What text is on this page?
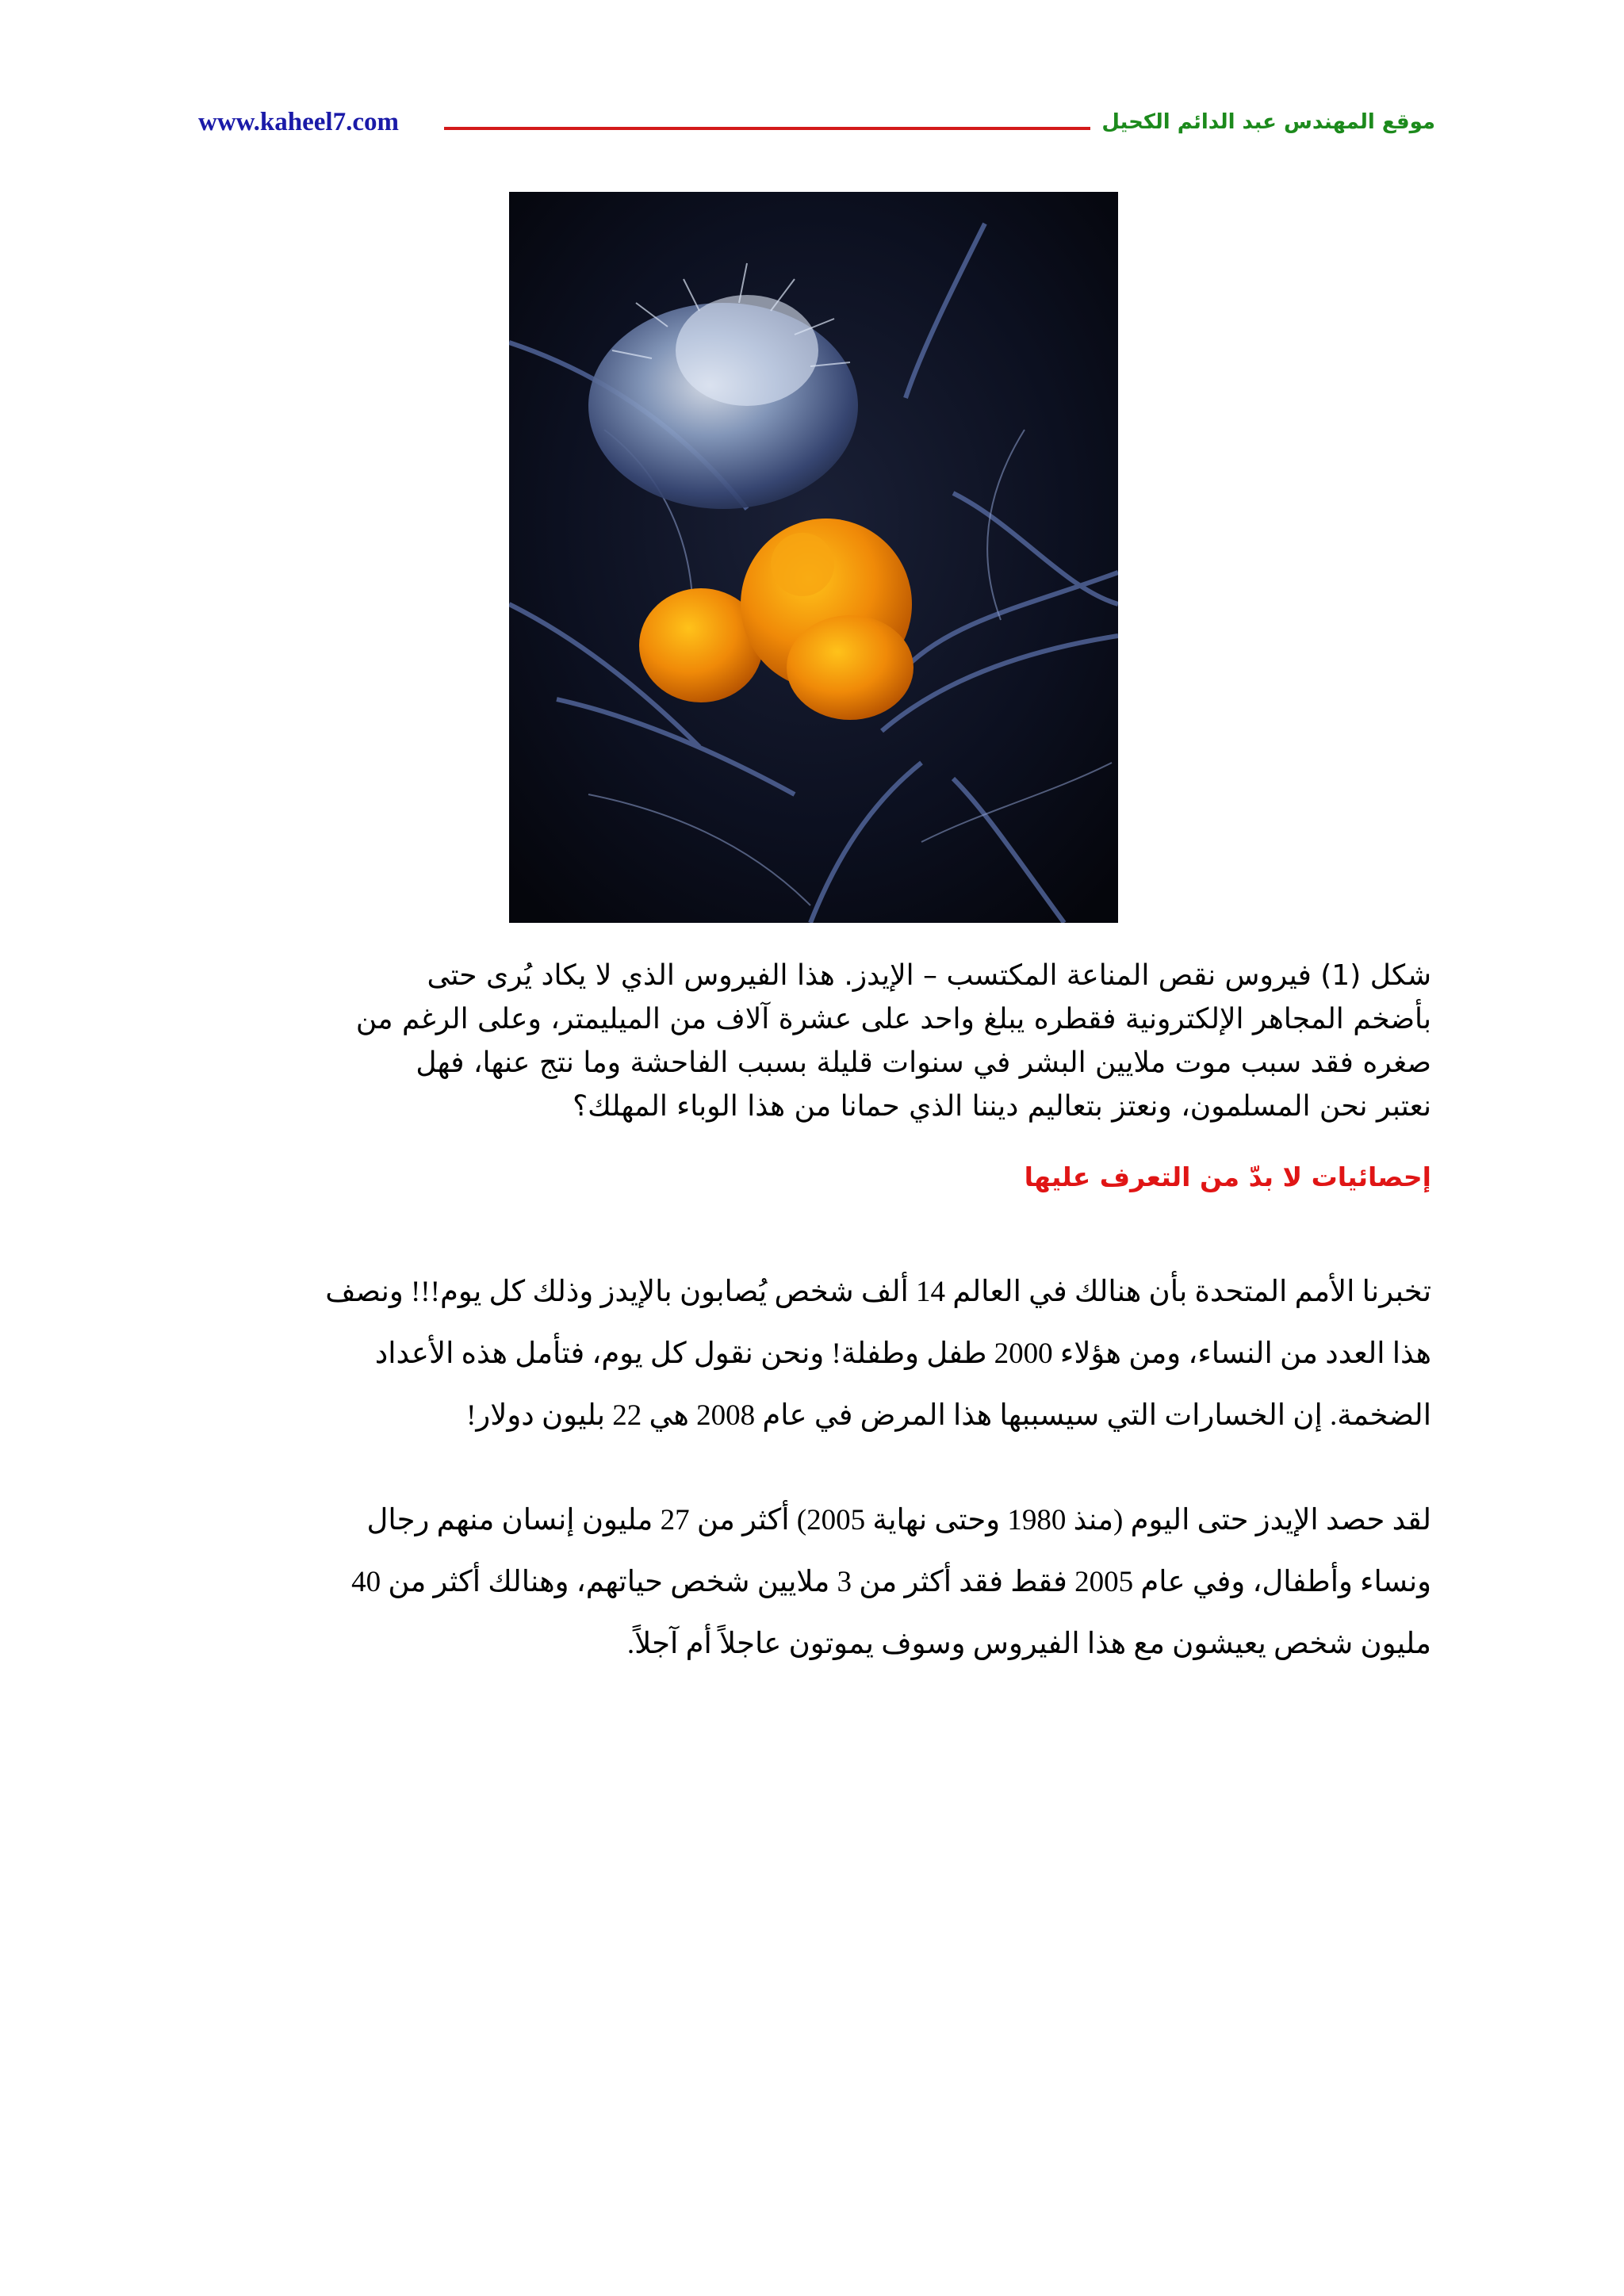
www.kaheel7.com	موقع المهندس عبد الدائم الكحيل
شكل (1) فيروس نقص المناعة المكتسب – الإيدز. هذا الفيروس الذي لا يكاد يُرى حتى
بأضخم المجاهر الإلكترونية فقطره يبلغ واحد على عشرة آلاف من الميليمتر، وعلى الرغم من
صغره فقد سبب موت ملايين البشر في سنوات قليلة بسبب الفاحشة وما نتج عنها، فهل
نعتبر نحن المسلمون، ونعتز بتعاليم ديننا الذي حمانا من هذا الوباء المهلك؟
إحصائيات لا بدّ من التعرف عليها
تخبرنا الأمم المتحدة بأن هنالك في العالم 14 ألف شخص يُصابون بالإيدز وذلك كل يوم!!! ونصف
هذا العدد من النساء، ومن هؤلاء 2000 طفل وطفلة! ونحن نقول كل يوم، فتأمل هذه الأعداد
الضخمة. إن الخسارات التي سيسببها هذا المرض في عام 2008 هي 22 بليون دولار!
لقد حصد الإيدز حتى اليوم (منذ 1980 وحتى نهاية 2005) أكثر من 27 مليون إنسان منهم رجال
ونساء وأطفال، وفي عام 2005 فقط فقد أكثر من 3 ملايين شخص حياتهم، وهنالك أكثر من 40
مليون شخص يعيشون مع هذا الفيروس وسوف يموتون عاجلاً أم آجلاً.
